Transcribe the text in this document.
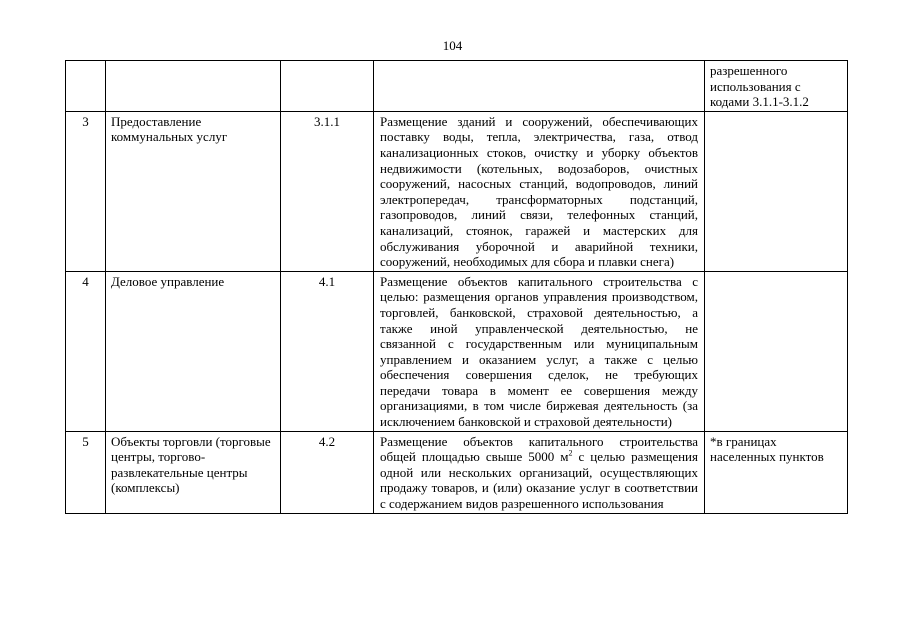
104
				разрешенного использования с кодами 3.1.1-3.1.2
3	Предоставление коммунальных услуг	3.1.1	Размещение зданий и сооружений, обеспечивающих поставку воды, тепла, электричества, газа, отвод канализационных стоков, очистку и уборку объектов недвижимости (котельных, водозаборов, очистных сооружений, насосных станций, водопроводов, линий электропередач, трансформаторных подстанций, газопроводов, линий связи, телефонных станций, канализаций, стоянок, гаражей и мастерских для обслуживания уборочной и аварийной техники, сооружений, необходимых для сбора и плавки снега)	
4	Деловое управление	4.1	Размещение объектов капитального строительства с целью: размещения органов управления производством, торговлей, банковской, страховой деятельностью, а также иной управленческой деятельностью, не связанной с государственным или муниципальным управлением и оказанием услуг, а также с целью обеспечения совершения сделок, не требующих передачи товара в момент ее совершения между организациями, в том числе биржевая деятельность (за исключением банковской и страховой деятельности)	
5	Объекты торговли (торговые центры, торгово-развлекательные центры (комплексы)	4.2	Размещение объектов капитального строительства общей площадью свыше 5000 $м^2$ с целью размещения одной или нескольких организаций, осуществляющих продажу товаров, и (или) оказание услуг в соответствии с содержанием видов разрешенного использования	*в границах населенных пунктов
